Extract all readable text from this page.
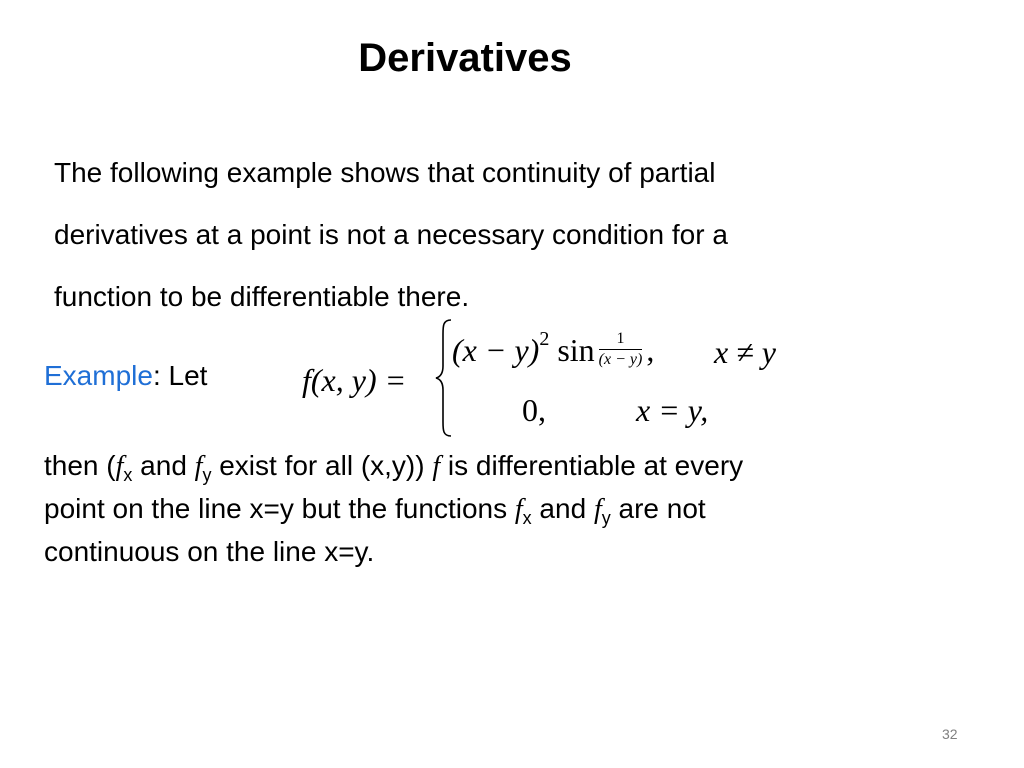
Derivatives
The following example shows that continuity of partial
derivatives at a point is not a necessary condition for a
function to be differentiable there.
Example: Let	f(x, y) =
$(x - y)^2$ $\sin \frac{1}{(x - y)}$ , x ≠ y
0,	x = y,
then ($f_x$ and $f_y$ exist for all (x,y)) f is differentiable at every
point on the line x=y but the functions $f_x$ and $f_y$ are not
continuous on the line x=y.
32
